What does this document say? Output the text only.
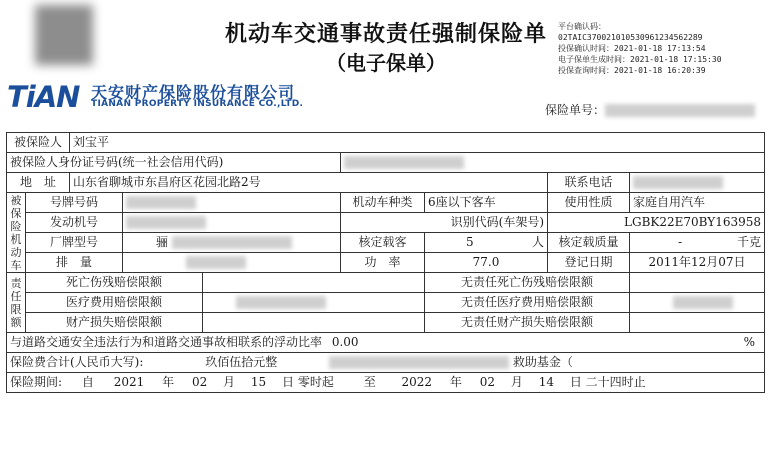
机动车交通事故责任强制保险单
（电子保单）
平台确认码：
02TAIC370021010530961234562289
投保确认时间：2021-01-18 17:13:54
电子保单生成时间：2021-01-18 17:15:30
投保查询时间：2021-01-18 16:20:39
TiAN 天安财产保险股份有限公司
TIANAN PROPERTY INSURANCE CO.,LTD.	保险单号：
被保险人		刘宝平						
被保险人身份证号码(统一社会信用代码)								
地　址		山东省聊城市东昌府区花园北路2号					联系电话	
被保险机动车	号牌号码				机动车种类	6座以下客车	使用性质	家庭自用汽车
	发动机号				识别代码(车架号)		LGBK22E70BY163958	
	厂牌型号		骊		核定载客	5 人	核定载质量	- 千克

	排　量				功　率	77.0	登记日期	2011年12月07日
责任限额	死亡伤残赔偿限额					无责任死亡伤残赔偿限额		
	医疗费用赔偿限额					无责任医疗费用赔偿限额		
	财产损失赔偿限额					无责任财产损失赔偿限额		
与道路交通安全违法行为和道路交通事故相联系的浮动比率 0.00 %								

保险费合计(人民币大写): 玖佰伍拾元整 救助基金（								
保险期间: 自 2021 年 02 月 15 日 零时起 至 2022 年 02 月 14 日 二十四时止								
